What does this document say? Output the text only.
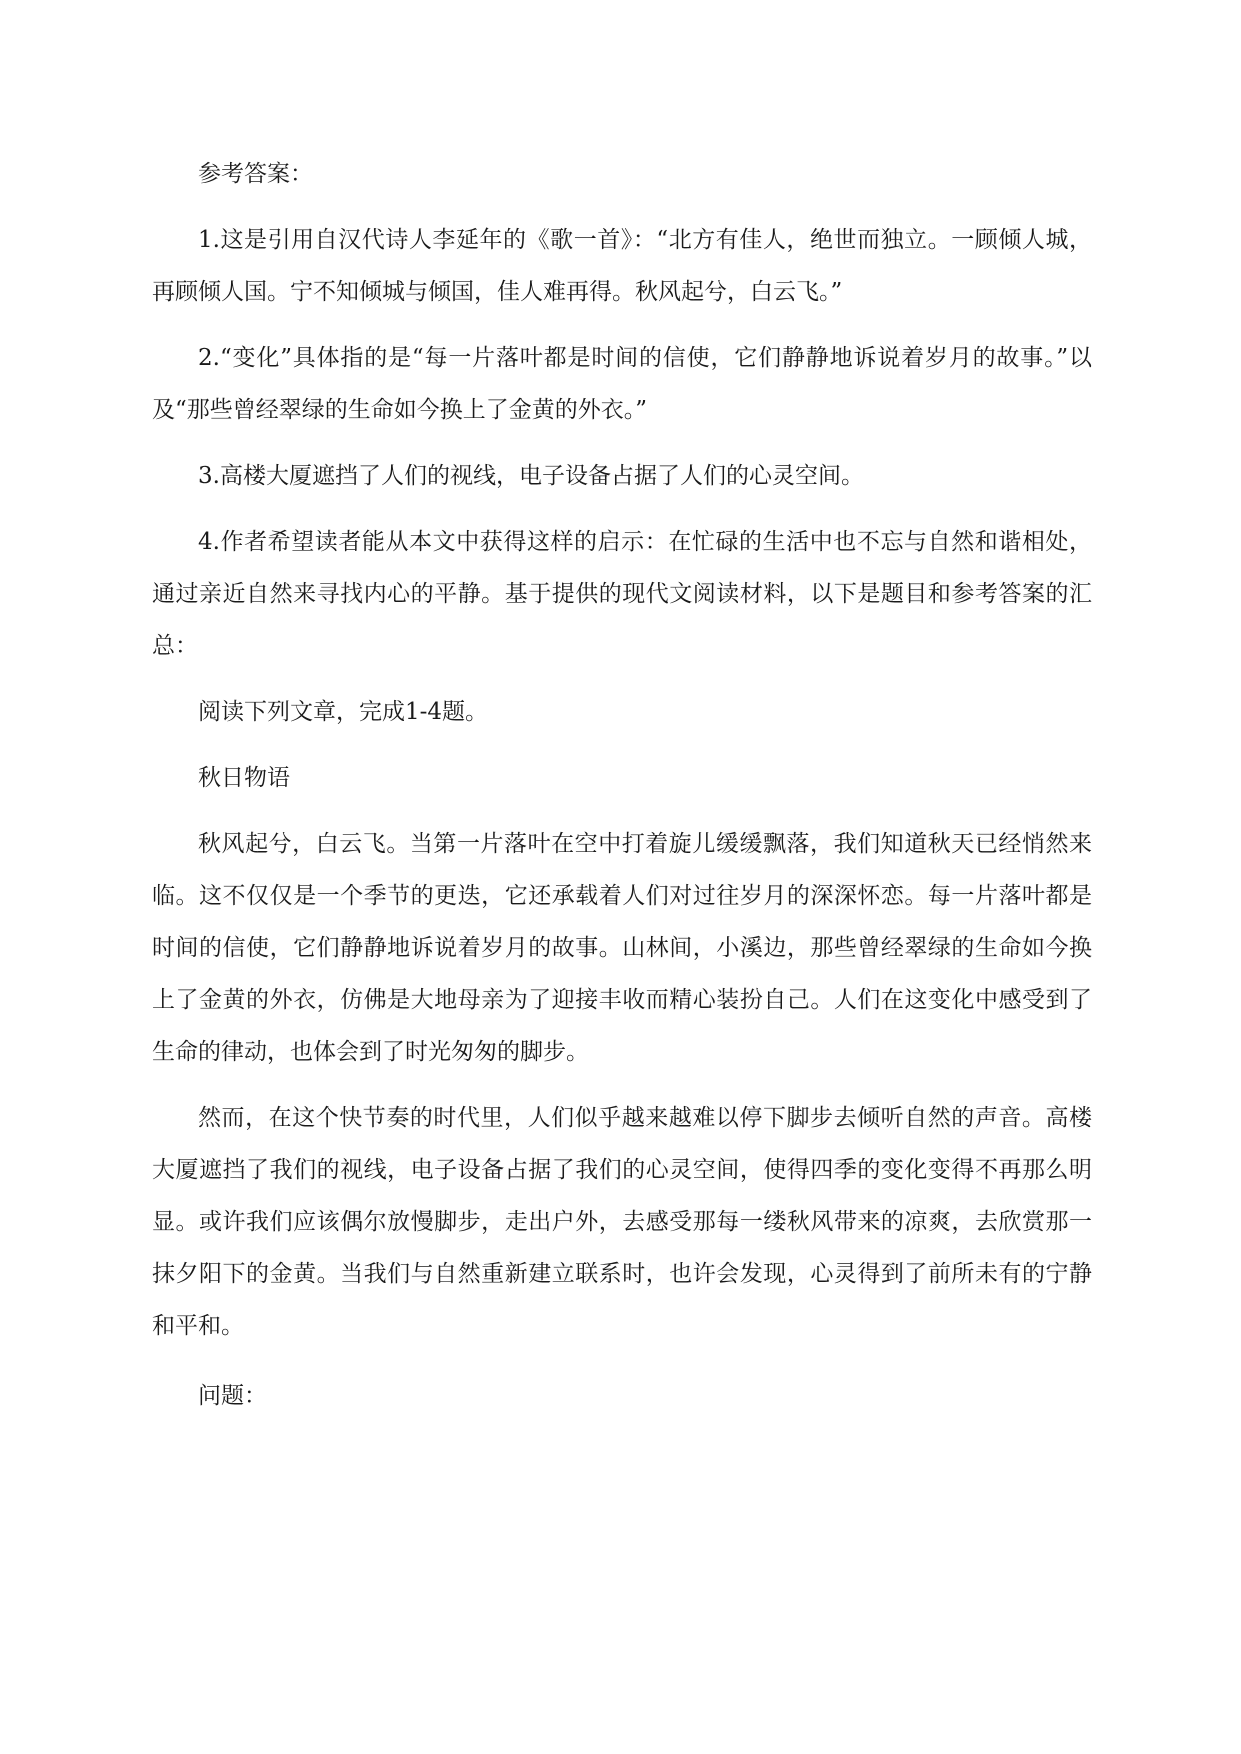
参考答案：

1.这是引用自汉代诗人李延年的《歌一首》：“北方有佳人，绝世而独立。一顾倾人城，再顾倾人国。宁不知倾城与倾国，佳人难再得。秋风起兮，白云飞。”

2.“变化”具体指的是“每一片落叶都是时间的信使，它们静静地诉说着岁月的故事。”以及“那些曾经翠绿的生命如今换上了金黄的外衣。”

3.高楼大厦遮挡了人们的视线，电子设备占据了人们的心灵空间。

4.作者希望读者能从本文中获得这样的启示：在忙碌的生活中也不忘与自然和谐相处，通过亲近自然来寻找内心的平静。基于提供的现代文阅读材料，以下是题目和参考答案的汇总：

阅读下列文章，完成1-4题。

秋日物语

秋风起兮，白云飞。当第一片落叶在空中打着旋儿缓缓飘落，我们知道秋天已经悄然来临。这不仅仅是一个季节的更迭，它还承载着人们对过往岁月的深深怀恋。每一片落叶都是时间的信使，它们静静地诉说着岁月的故事。山林间，小溪边，那些曾经翠绿的生命如今换上了金黄的外衣，仿佛是大地母亲为了迎接丰收而精心装扮自己。人们在这变化中感受到了生命的律动，也体会到了时光匆匆的脚步。

然而，在这个快节奏的时代里，人们似乎越来越难以停下脚步去倾听自然的声音。高楼大厦遮挡了我们的视线，电子设备占据了我们的心灵空间，使得四季的变化变得不再那么明显。或许我们应该偶尔放慢脚步，走出户外，去感受那每一缕秋风带来的凉爽，去欣赏那一抹夕阳下的金黄。当我们与自然重新建立联系时，也许会发现，心灵得到了前所未有的宁静和平和。

问题：
